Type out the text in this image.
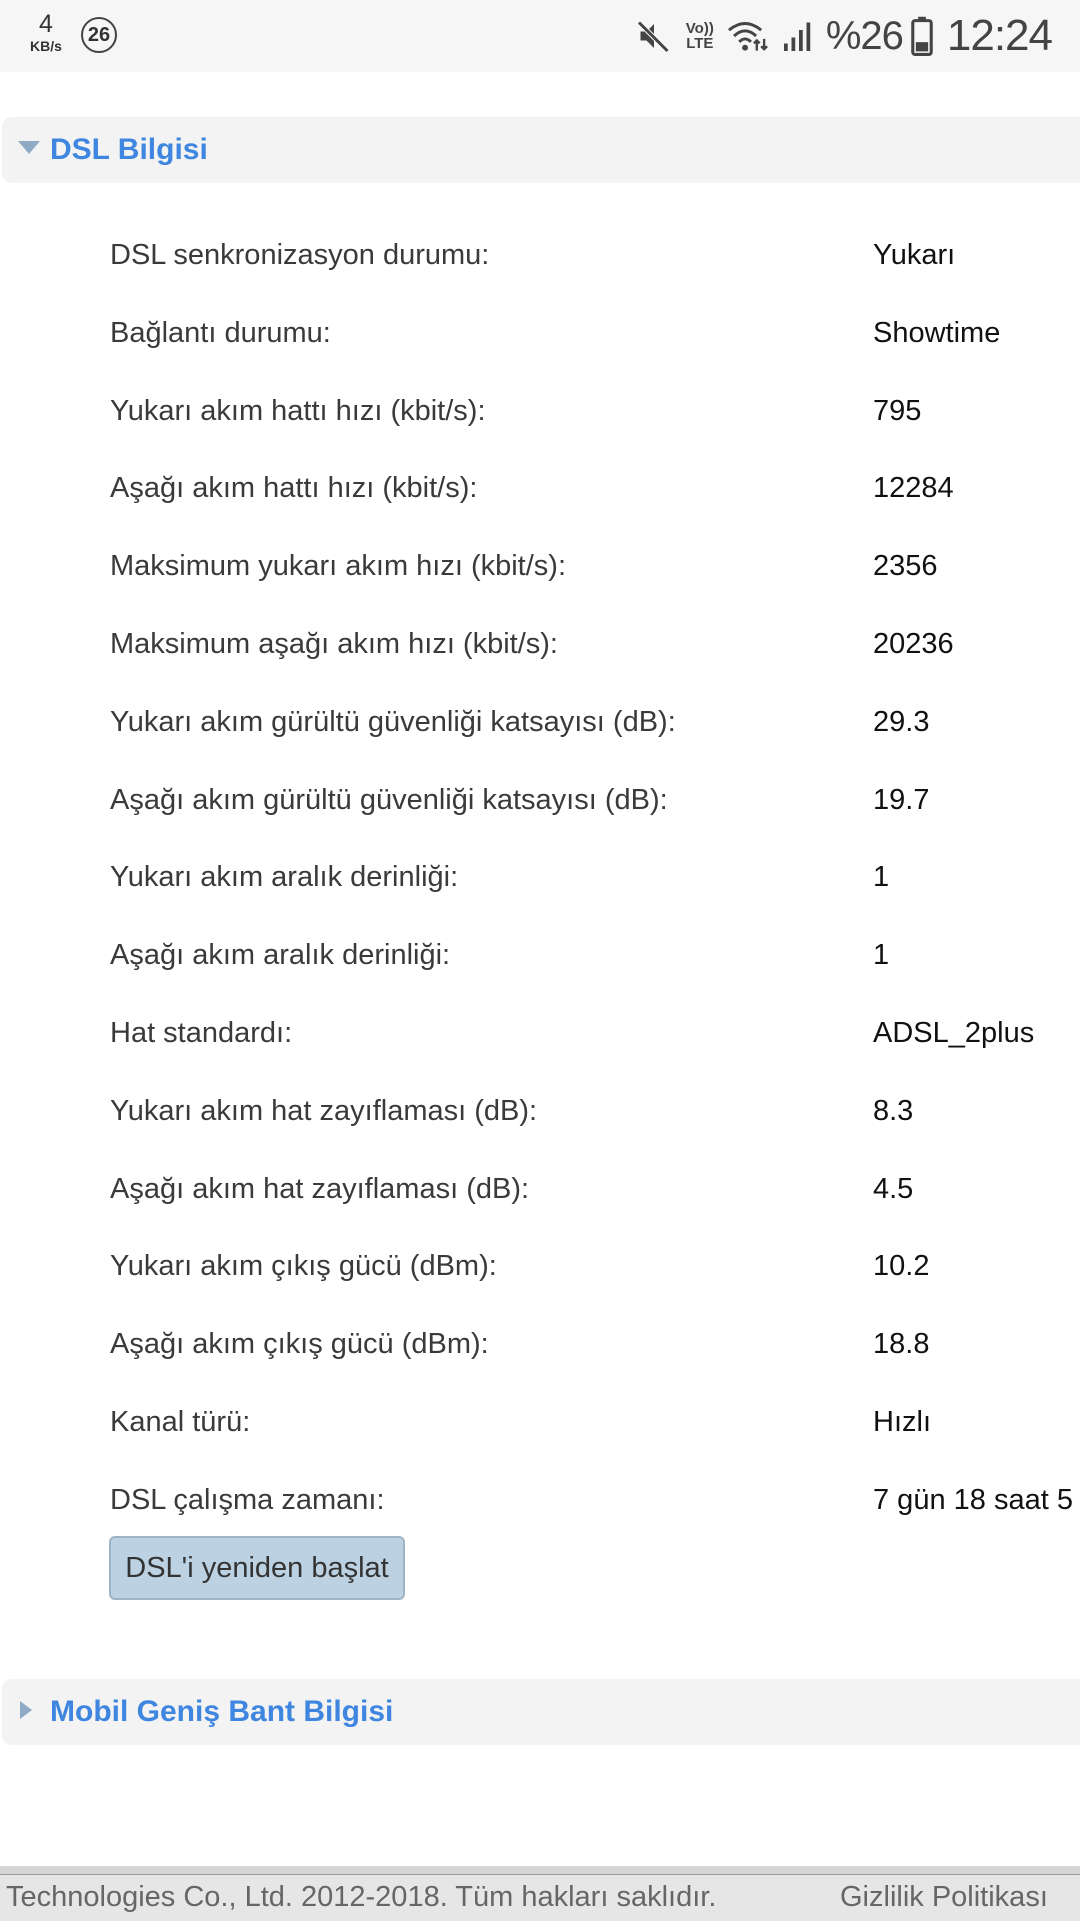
4
KB/s	26	Vo))
LTE	%26 12:24
DSL Bilgisi
DSL senkronizasyon durumu:	Yukarı
Bağlantı durumu:	Showtime
Yukarı akım hattı hızı (kbit/s):	795
Aşağı akım hattı hızı (kbit/s):	12284
Maksimum yukarı akım hızı (kbit/s):	2356
Maksimum aşağı akım hızı (kbit/s):	20236
Yukarı akım gürültü güvenliği katsayısı (dB):	29.3
Aşağı akım gürültü güvenliği katsayısı (dB):	19.7
Yukarı akım aralık derinliği:	1
Aşağı akım aralık derinliği:	1
Hat standardı:	ADSL_2plus
Yukarı akım hat zayıflaması (dB):	8.3
Aşağı akım hat zayıflaması (dB):	4.5
Yukarı akım çıkış gücü (dBm):	10.2
Aşağı akım çıkış gücü (dBm):	18.8
Kanal türü:	Hızlı
DSL çalışma zamanı:	7 gün 18 saat 5
DSL'i yeniden başlat
Mobil Geniş Bant Bilgisi
Technologies Co., Ltd. 2012-2018. Tüm hakları saklıdır.	Gizlilik Politikası
